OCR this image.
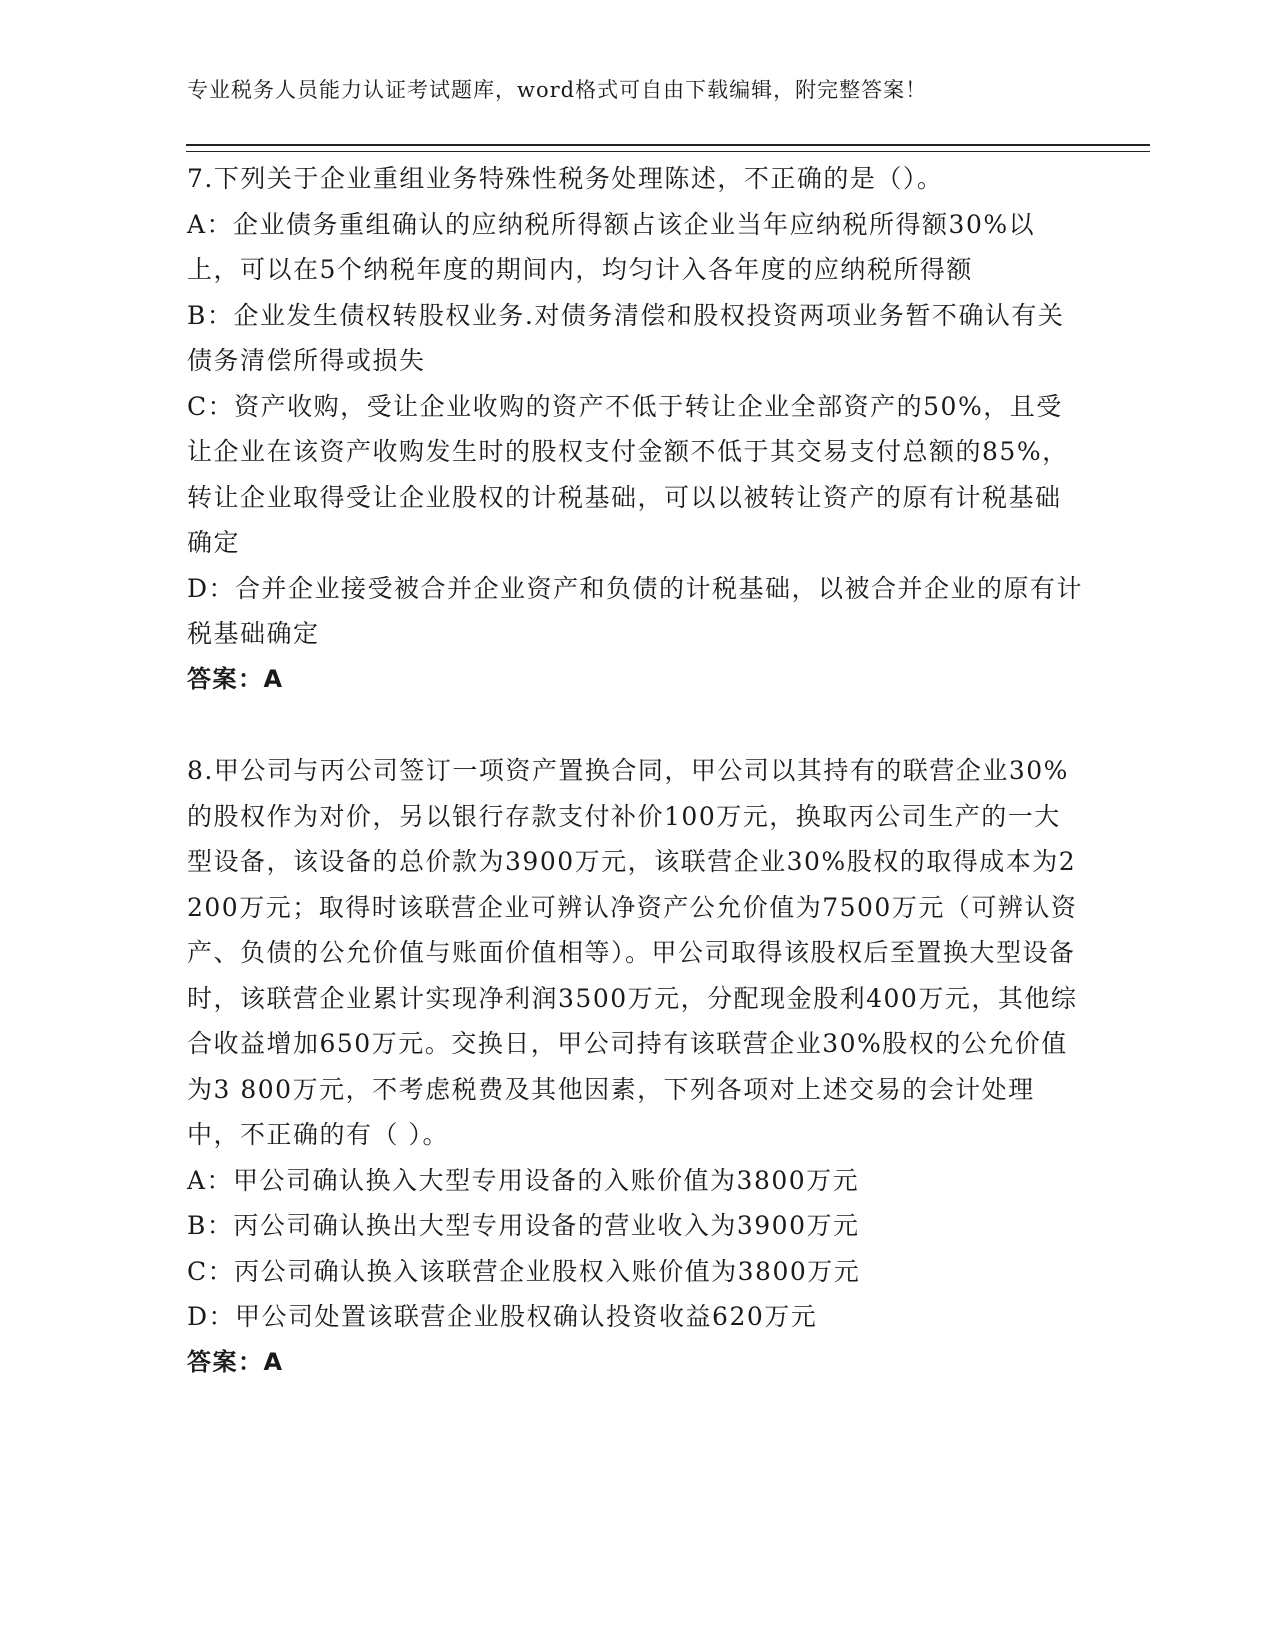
专业税务人员能力认证考试题库，word格式可自由下载编辑，附完整答案！

7.下列关于企业重组业务特殊性税务处理陈述，不正确的是（）。

A：企业债务重组确认的应纳税所得额占该企业当年应纳税所得额30%以上，可以在5个纳税年度的期间内，均匀计入各年度的应纳税所得额

B：企业发生债权转股权业务.对债务清偿和股权投资两项业务暂不确认有关债务清偿所得或损失

C：资产收购，受让企业收购的资产不低于转让企业全部资产的50%，且受让企业在该资产收购发生时的股权支付金额不低于其交易支付总额的85%，转让企业取得受让企业股权的计税基础，可以以被转让资产的原有计税基础确定

D：合并企业接受被合并企业资产和负债的计税基础，以被合并企业的原有计税基础确定

答案：A

8.甲公司与丙公司签订一项资产置换合同，甲公司以其持有的联营企业30%的股权作为对价，另以银行存款支付补价100万元，换取丙公司生产的一大型设备，该设备的总价款为3900万元，该联营企业30%股权的取得成本为2 200万元；取得时该联营企业可辨认净资产公允价值为7500万元（可辨认资产、负债的公允价值与账面价值相等）。甲公司取得该股权后至置换大型设备时，该联营企业累计实现净利润3500万元，分配现金股利400万元，其他综合收益增加650万元。交换日，甲公司持有该联营企业30%股权的公允价值为3 800万元，不考虑税费及其他因素，下列各项对上述交易的会计处理中，不正确的有（ ）。

A：甲公司确认换入大型专用设备的入账价值为3800万元

B：丙公司确认换出大型专用设备的营业收入为3900万元

C：丙公司确认换入该联营企业股权入账价值为3800万元

D：甲公司处置该联营企业股权确认投资收益620万元

答案：A
